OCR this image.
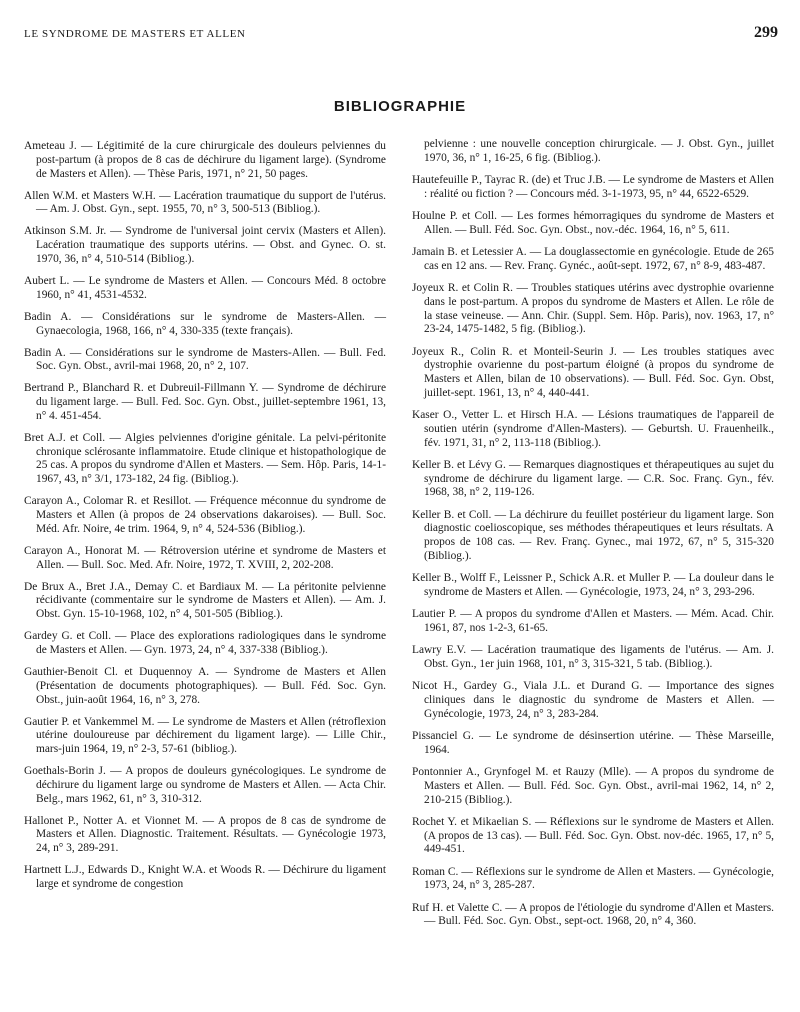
LE SYNDROME DE MASTERS ET ALLEN	299
BIBLIOGRAPHIE

Ameteau J. — Légitimité de la cure chirurgicale des douleurs pelviennes du post-partum (à propos de 8 cas de déchirure du ligament large). (Syndrome de Masters et Allen). — Thèse Paris, 1971, n° 21, 50 pages.

Allen W.M. et Masters W.H. — Lacération traumatique du support de l'utérus. — Am. J. Obst. Gyn., sept. 1955, 70, n° 3, 500-513 (Bibliog.).

Atkinson S.M. Jr. — Syndrome de l'universal joint cervix (Masters et Allen). Lacération traumatique des supports utérins. — Obst. and Gynec. O. st. 1970, 36, n° 4, 510-514 (Bibliog.).

Aubert L. — Le syndrome de Masters et Allen. — Concours Méd. 8 octobre 1960, n° 41, 4531-4532.

Badin A. — Considérations sur le syndrome de Masters-Allen. — Gynaecologia, 1968, 166, n° 4, 330-335 (texte français).

Badin A. — Considérations sur le syndrome de Masters-Allen. — Bull. Fed. Soc. Gyn. Obst., avril-mai 1968, 20, n° 2, 107.

Bertrand P., Blanchard R. et Dubreuil-Fillmann Y. — Syndrome de déchirure du ligament large. — Bull. Fed. Soc. Gyn. Obst., juillet-septembre 1961, 13, n° 4. 451-454.

Bret A.J. et Coll. — Algies pelviennes d'origine génitale. La pelvi-péritonite chronique sclérosante inflammatoire. Etude clinique et histopathologique de 25 cas. A propos du syndrome d'Allen et Masters. — Sem. Hôp. Paris, 14-1-1967, 43, n° 3/1, 173-182, 24 fig. (Bibliog.).

Carayon A., Colomar R. et Resillot. — Fréquence méconnue du syndrome de Masters et Allen (à propos de 24 observations dakaroises). — Bull. Soc. Méd. Afr. Noire, 4e trim. 1964, 9, n° 4, 524-536 (Bibliog.).

Carayon A., Honorat M. — Rétroversion utérine et syndrome de Masters et Allen. — Bull. Soc. Med. Afr. Noire, 1972, T. XVIII, 2, 202-208.

De Brux A., Bret J.A., Demay C. et Bardiaux M. — La péritonite pelvienne récidivante (commentaire sur le syndrome de Masters et Allen). — Am. J. Obst. Gyn. 15-10-1968, 102, n° 4, 501-505 (Bibliog.).

Gardey G. et Coll. — Place des explorations radiologiques dans le syndrome de Masters et Allen. — Gyn. 1973, 24, n° 4, 337-338 (Bibliog.).

Gauthier-Benoit Cl. et Duquennoy A. — Syndrome de Masters et Allen (Présentation de documents photographiques). — Bull. Féd. Soc. Gyn. Obst., juin-août 1964, 16, n° 3, 278.

Gautier P. et Vankemmel M. — Le syndrome de Masters et Allen (rétroflexion utérine douloureuse par déchirement du ligament large). — Lille Chir., mars-juin 1964, 19, n° 2-3, 57-61 (bibliog.).

Goethals-Borin J. — A propos de douleurs gynécologiques. Le syndrome de déchirure du ligament large ou syndrome de Masters et Allen. — Acta Chir. Belg., mars 1962, 61, n° 3, 310-312.

Hallonet P., Notter A. et Vionnet M. — A propos de 8 cas de syndrome de Masters et Allen. Diagnostic. Traitement. Résultats. — Gynécologie 1973, 24, n° 3, 289-291.

Hartnett L.J., Edwards D., Knight W.A. et Woods R. — Déchirure du ligament large et syndrome de congestion

pelvienne : une nouvelle conception chirurgicale. — J. Obst. Gyn., juillet 1970, 36, n° 1, 16-25, 6 fig. (Bibliog.).

Hautefeuille P., Tayrac R. (de) et Truc J.B. — Le syndrome de Masters et Allen : réalité ou fiction ? — Concours méd. 3-1-1973, 95, n° 44, 6522-6529.

Houlne P. et Coll. — Les formes hémorragiques du syndrome de Masters et Allen. — Bull. Féd. Soc. Gyn. Obst., nov.-déc. 1964, 16, n° 5, 611.

Jamain B. et Letessier A. — La douglassectomie en gynécologie. Etude de 265 cas en 12 ans. — Rev. Franç. Gynéc., août-sept. 1972, 67, n° 8-9, 483-487.

Joyeux R. et Colin R. — Troubles statiques utérins avec dystrophie ovarienne dans le post-partum. A propos du syndrome de Masters et Allen. Le rôle de la stase veineuse. — Ann. Chir. (Suppl. Sem. Hôp. Paris), nov. 1963, 17, n° 23-24, 1475-1482, 5 fig. (Bibliog.).

Joyeux R., Colin R. et Monteil-Seurin J. — Les troubles statiques avec dystrophie ovarienne du post-partum éloigné (à propos du syndrome de Masters et Allen, bilan de 10 observations). — Bull. Féd. Soc. Gyn. Obst, juillet-sept. 1961, 13, n° 4, 440-441.

Kaser O., Vetter L. et Hirsch H.A. — Lésions traumatiques de l'appareil de soutien utérin (syndrome d'Allen-Masters). — Geburtsh. U. Frauenheilk., fév. 1971, 31, n° 2, 113-118 (Bibliog.).

Keller B. et Lévy G. — Remarques diagnostiques et thérapeutiques au sujet du syndrome de déchirure du ligament large. — C.R. Soc. Franç. Gyn., fév. 1968, 38, n° 2, 119-126.

Keller B. et Coll. — La déchirure du feuillet postérieur du ligament large. Son diagnostic coelioscopique, ses méthodes thérapeutiques et leurs résultats. A propos de 108 cas. — Rev. Franç. Gynec., mai 1972, 67, n° 5, 315-320 (Bibliog.).

Keller B., Wolff F., Leissner P., Schick A.R. et Muller P. — La douleur dans le syndrome de Masters et Allen. — Gynécologie, 1973, 24, n° 3, 293-296.

Lautier P. — A propos du syndrome d'Allen et Masters. — Mém. Acad. Chir. 1961, 87, nos 1-2-3, 61-65.

Lawry E.V. — Lacération traumatique des ligaments de l'utérus. — Am. J. Obst. Gyn., 1er juin 1968, 101, n° 3, 315-321, 5 tab. (Bibliog.).

Nicot H., Gardey G., Viala J.L. et Durand G. — Importance des signes cliniques dans le diagnostic du syndrome de Masters et Allen. — Gynécologie, 1973, 24, n° 3, 283-284.

Pissanciel G. — Le syndrome de désinsertion utérine. — Thèse Marseille, 1964.

Pontonnier A., Grynfogel M. et Rauzy (Mlle). — A propos du syndrome de Masters et Allen. — Bull. Féd. Soc. Gyn. Obst., avril-mai 1962, 14, n° 2, 210-215 (Bibliog.).

Rochet Y. et Mikaelian S. — Réflexions sur le syndrome de Masters et Allen. (A propos de 13 cas). — Bull. Féd. Soc. Gyn. Obst. nov-déc. 1965, 17, n° 5, 449-451.

Roman C. — Réflexions sur le syndrome de Allen et Masters. — Gynécologie, 1973, 24, n° 3, 285-287.

Ruf H. et Valette C. — A propos de l'étiologie du syndrome d'Allen et Masters. — Bull. Féd. Soc. Gyn. Obst., sept-oct. 1968, 20, n° 4, 360.
